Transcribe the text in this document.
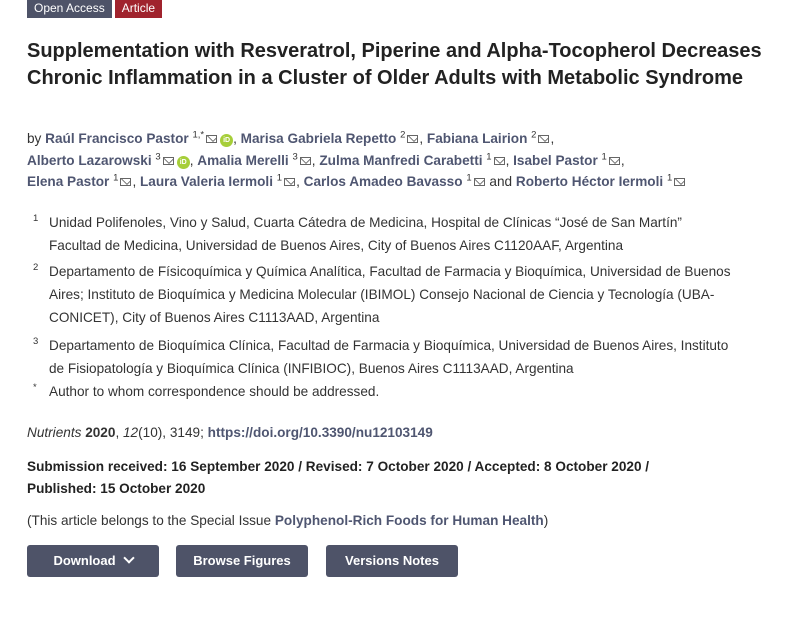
Open Access	Article
Supplementation with Resveratrol, Piperine and Alpha-Tocopherol Decreases Chronic Inflammation in a Cluster of Older Adults with Metabolic Syndrome
by Raúl Francisco Pastor $^{1,*}$iD , Marisa Gabriela Repetto $^2$ , Fabiana Lairion $^2$ ,
Alberto Lazarowski $^3$iD , Amalia Merelli $^3$ , Zulma Manfredi Carabetti $^1$ , Isabel Pastor $^1$ ,
Elena Pastor $^1$ , Laura Valeria Iermoli $^1$ , Carlos Amadeo Bavasso $^1$ and Roberto Héctor Iermoli $^1$
1 Unidad Polifenoles, Vino y Salud, Cuarta Cátedra de Medicina, Hospital de Clínicas “José de San Martín”
Facultad de Medicina, Universidad de Buenos Aires, City of Buenos Aires C1120AAF, Argentina
2 Departamento de Físicoquímica y Química Analítica, Facultad de Farmacia y Bioquímica, Universidad de Buenos
Aires; Instituto de Bioquímica y Medicina Molecular (IBIMOL) Consejo Nacional de Ciencia y Tecnología (UBA-
CONICET), City of Buenos Aires C1113AAD, Argentina
3 Departamento de Bioquímica Clínica, Facultad de Farmacia y Bioquímica, Universidad de Buenos Aires, Instituto
de Fisiopatología y Bioquímica Clínica (INFIBIOC), Buenos Aires C1113AAD, Argentina
* Author to whom correspondence should be addressed.
Nutrients 2020, 12(10), 3149; https://doi.org/10.3390/nu12103149
Submission received: 16 September 2020 / Revised: 7 October 2020 / Accepted: 8 October 2020 /
Published: 15 October 2020
(This article belongs to the Special Issue Polyphenol-Rich Foods for Human Health)
Download	Browse Figures	Versions Notes
